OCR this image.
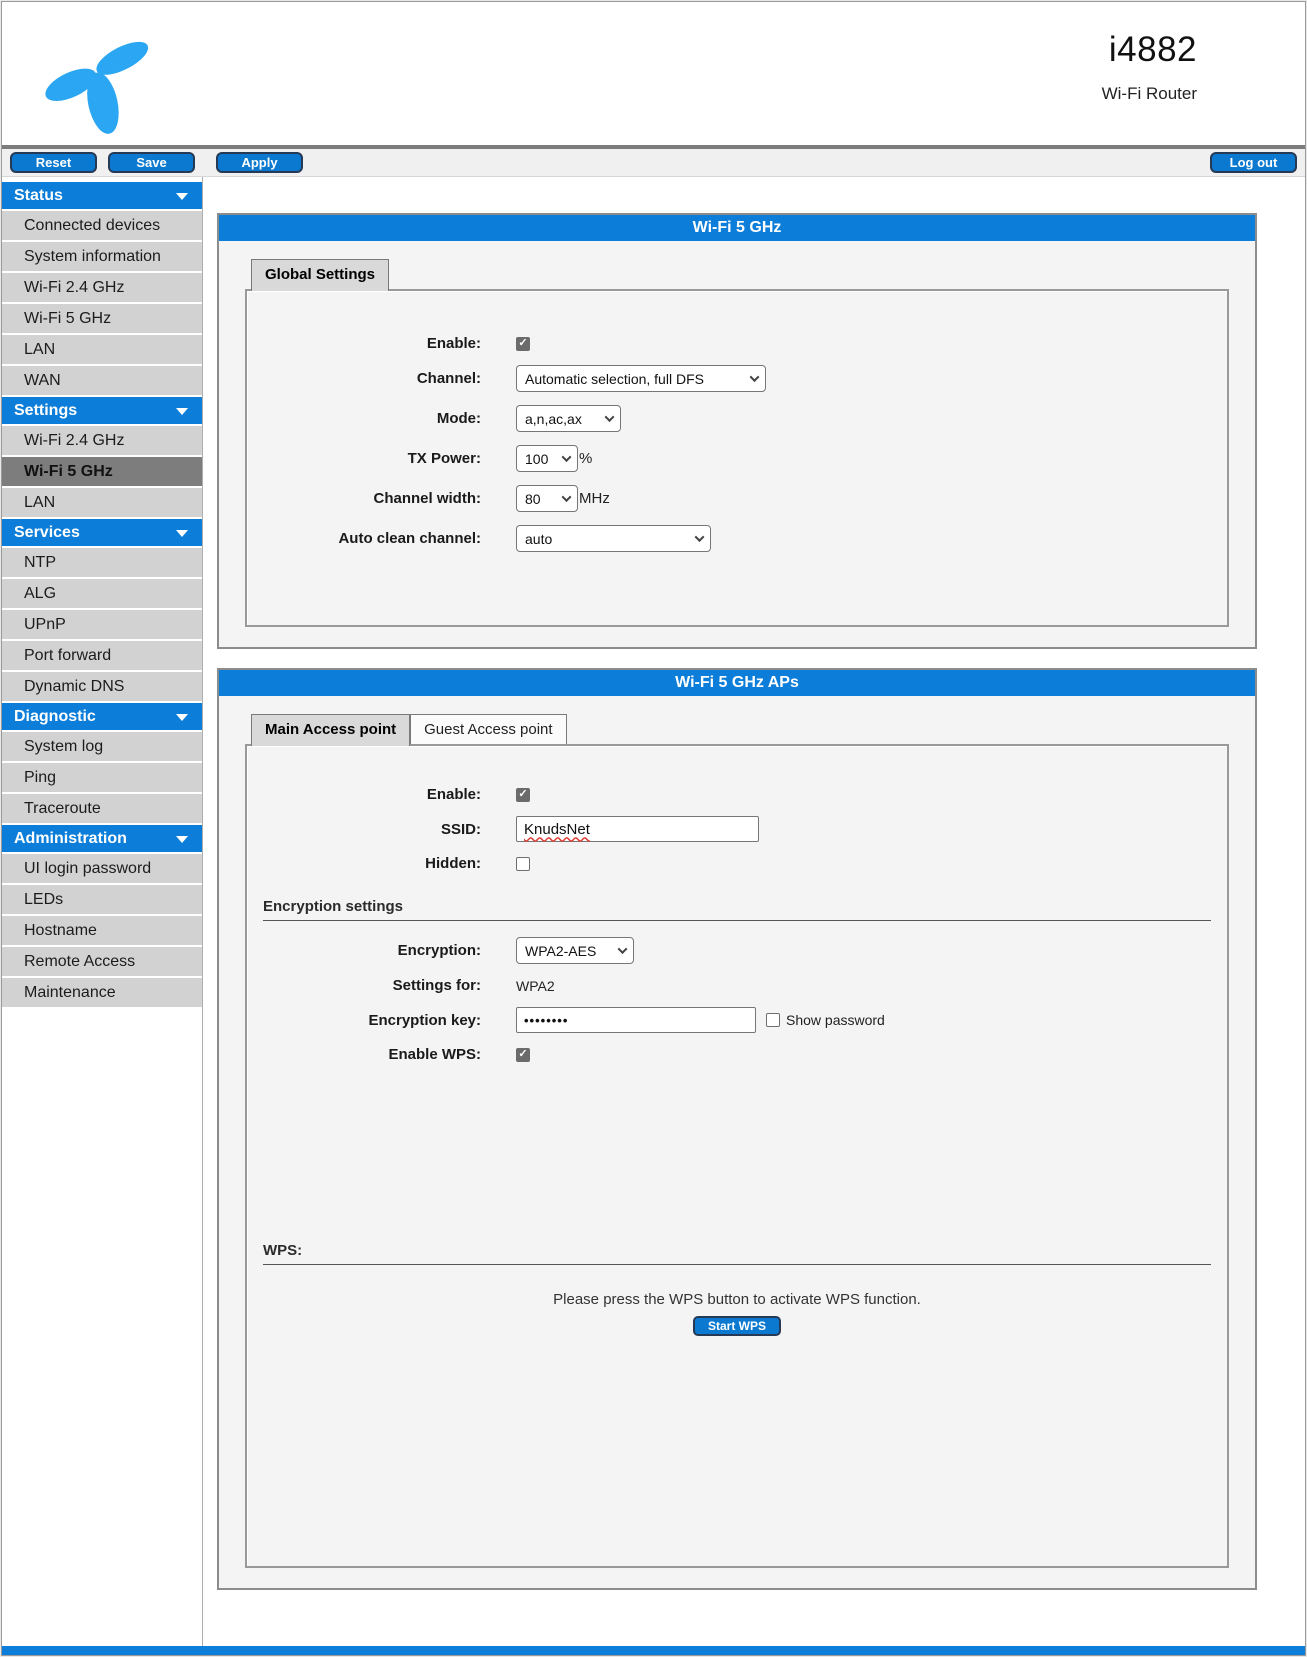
i4882
Wi-Fi Router
Reset	Save	Apply	Log out
Status
Connected devices
System information
Wi-Fi 2.4 GHz
Wi-Fi 5 GHz
LAN
WAN
Settings
Wi-Fi 2.4 GHz
Wi-Fi 5 GHz
LAN
Services
NTP
ALG
UPnP
Port forward
Dynamic DNS
Diagnostic
System log
Ping
Traceroute
Administration
UI login password
LEDs
Hostname
Remote Access
Maintenance
Wi-Fi 5 GHz
Global Settings
Enable:
✓
Channel:	Automatic selection, full DFS
Mode:	a,n,ac,ax
TX Power:	100 %
Channel width:	80	MHz
Auto clean channel:	auto
Wi-Fi 5 GHz APs
Main Access point	Guest Access point
Enable:
✓
SSID:	KnudsNet
Hidden:
Encryption settings
Encryption:	WPA2-AES
Settings for:	WPA2
Encryption key:	••••••••	Show password
Enable WPS:
✓
WPS:
Please press the WPS button to activate WPS function.
Start WPS
